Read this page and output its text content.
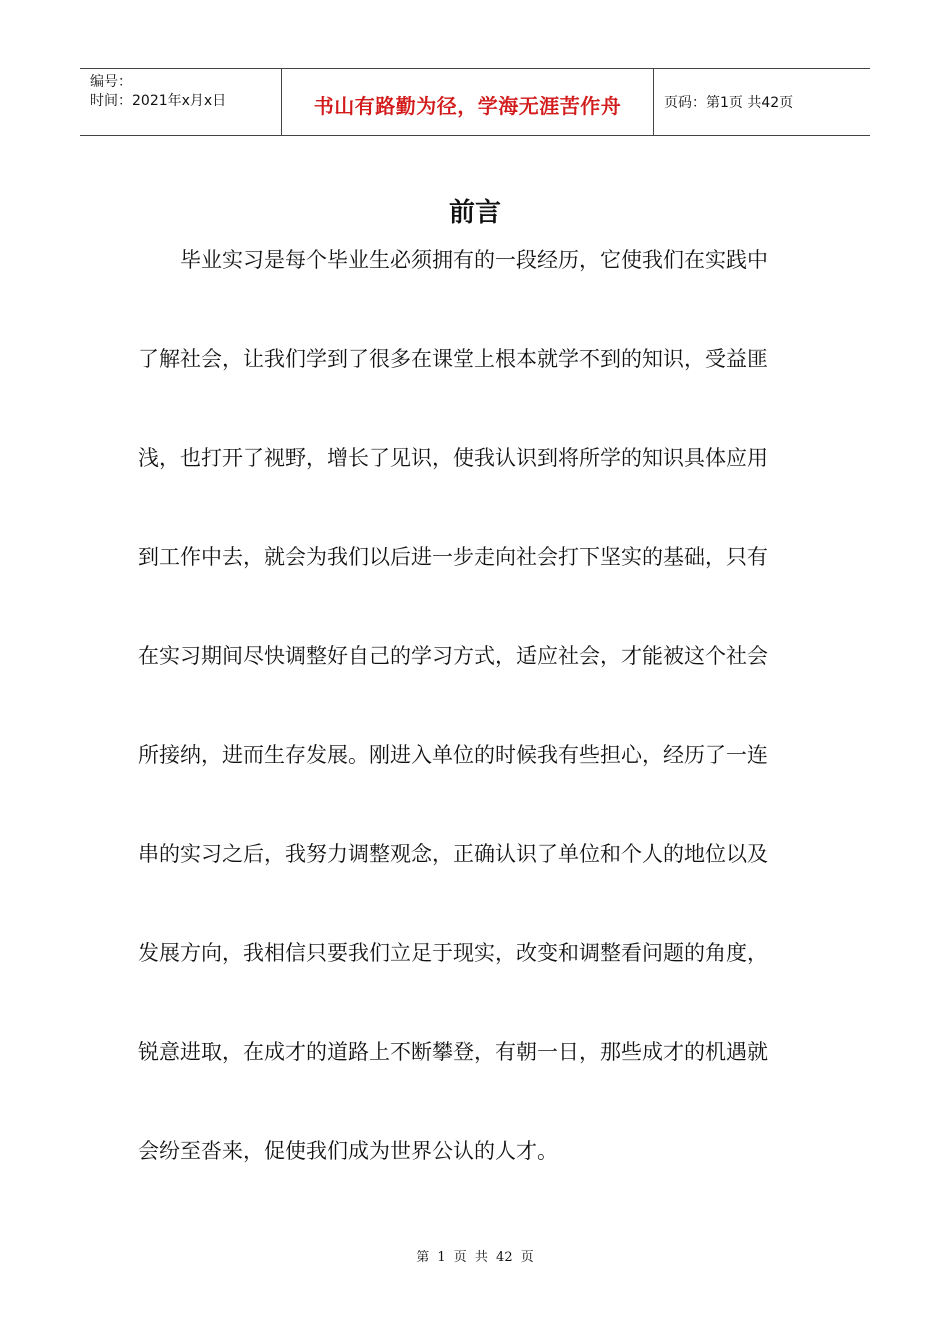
编号：
时间：2021年x月x日	书山有路勤为径，学海无涯苦作舟	页码：第1页 共42页
前言
毕业实习是每个毕业生必须拥有的一段经历，它使我们在实践中
了解社会，让我们学到了很多在课堂上根本就学不到的知识，受益匪
浅，也打开了视野，增长了见识，使我认识到将所学的知识具体应用
到工作中去，就会为我们以后进一步走向社会打下坚实的基础，只有
在实习期间尽快调整好自己的学习方式，适应社会，才能被这个社会
所接纳，进而生存发展。刚进入单位的时候我有些担心，经历了一连
串的实习之后，我努力调整观念，正确认识了单位和个人的地位以及
发展方向，我相信只要我们立足于现实，改变和调整看问题的角度，
锐意进取，在成才的道路上不断攀登，有朝一日，那些成才的机遇就
会纷至沓来，促使我们成为世界公认的人才。
第 1 页 共 42 页
